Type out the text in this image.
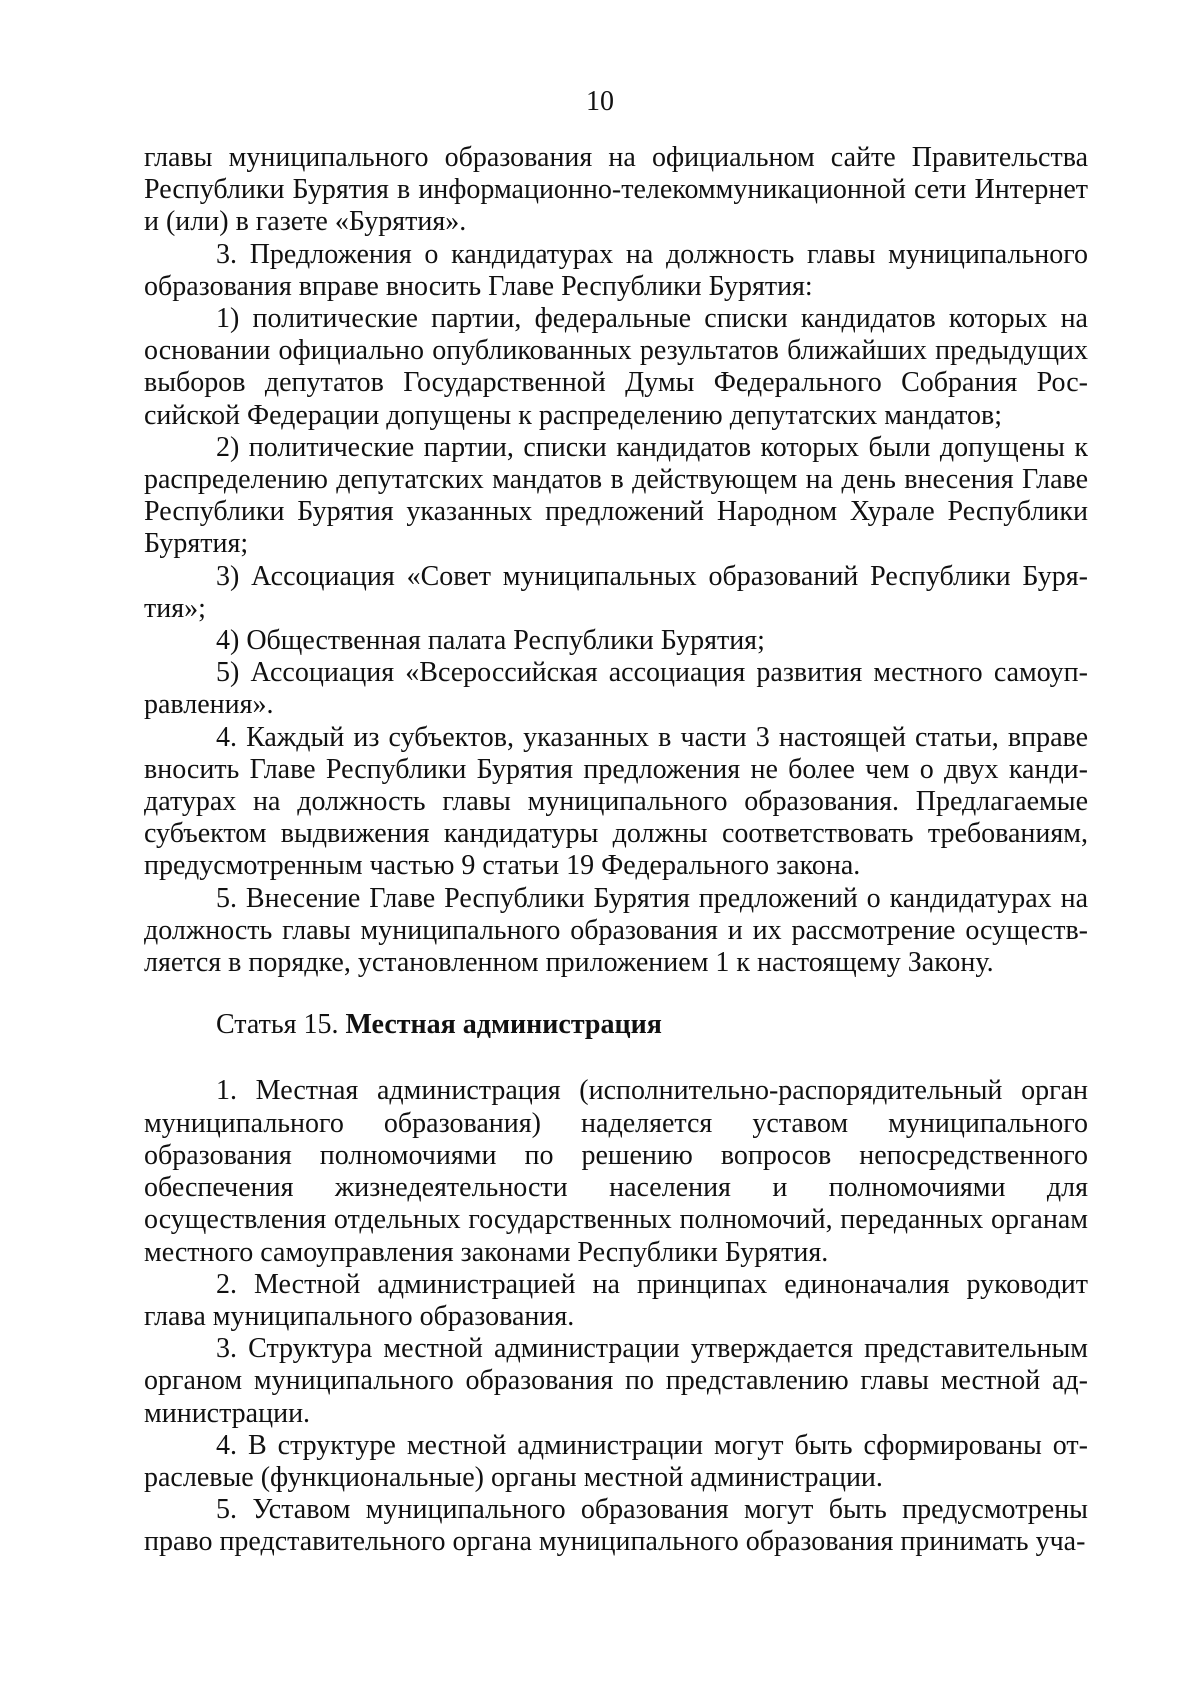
10

главы муниципального образования на официальном сайте Правительства Республики Бурятия в информационно-телекоммуникационной сети Интернет и (или) в газете «Бурятия».

3. Предложения о кандидатурах на должность главы муниципального образования вправе вносить Главе Республики Бурятия:

1) политические партии, федеральные списки кандидатов которых на основании официально опубликованных результатов ближайших предыдущих выборов депутатов Государственной Думы Федерального Собрания Российской Федерации допущены к распределению депутатских мандатов;

2) политические партии, списки кандидатов которых были допущены к распределению депутатских мандатов в действующем на день внесения Главе Республики Бурятия указанных предложений Народном Хурале Республики Бурятия;

3) Ассоциация «Совет муниципальных образований Республики Бурятия»;

4) Общественная палата Республики Бурятия;

5) Ассоциация «Всероссийская ассоциация развития местного самоуправления».

4. Каждый из субъектов, указанных в части 3 настоящей статьи, вправе вносить Главе Республики Бурятия предложения не более чем о двух кандидатурах на должность главы муниципального образования. Предлагаемые субъектом выдвижения кандидатуры должны соответствовать требованиям, предусмотренным частью 9 статьи 19 Федерального закона.

5. Внесение Главе Республики Бурятия предложений о кандидатурах на должность главы муниципального образования и их рассмотрение осуществляется в порядке, установленном приложением 1 к настоящему Закону.

Статья 15. Местная администрация

1. Местная администрация (исполнительно-распорядительный орган муниципального образования) наделяется уставом муниципального образования полномочиями по решению вопросов непосредственного обеспечения жизнедеятельности населения и полномочиями для осуществления отдельных государственных полномочий, переданных органам местного самоуправления законами Республики Бурятия.

2. Местной администрацией на принципах единоначалия руководит глава муниципального образования.

3. Структура местной администрации утверждается представительным органом муниципального образования по представлению главы местной администрации.

4. В структуре местной администрации могут быть сформированы отраслевые (функциональные) органы местной администрации.

5. Уставом муниципального образования могут быть предусмотрены право представительного органа муниципального образования принимать уча-
